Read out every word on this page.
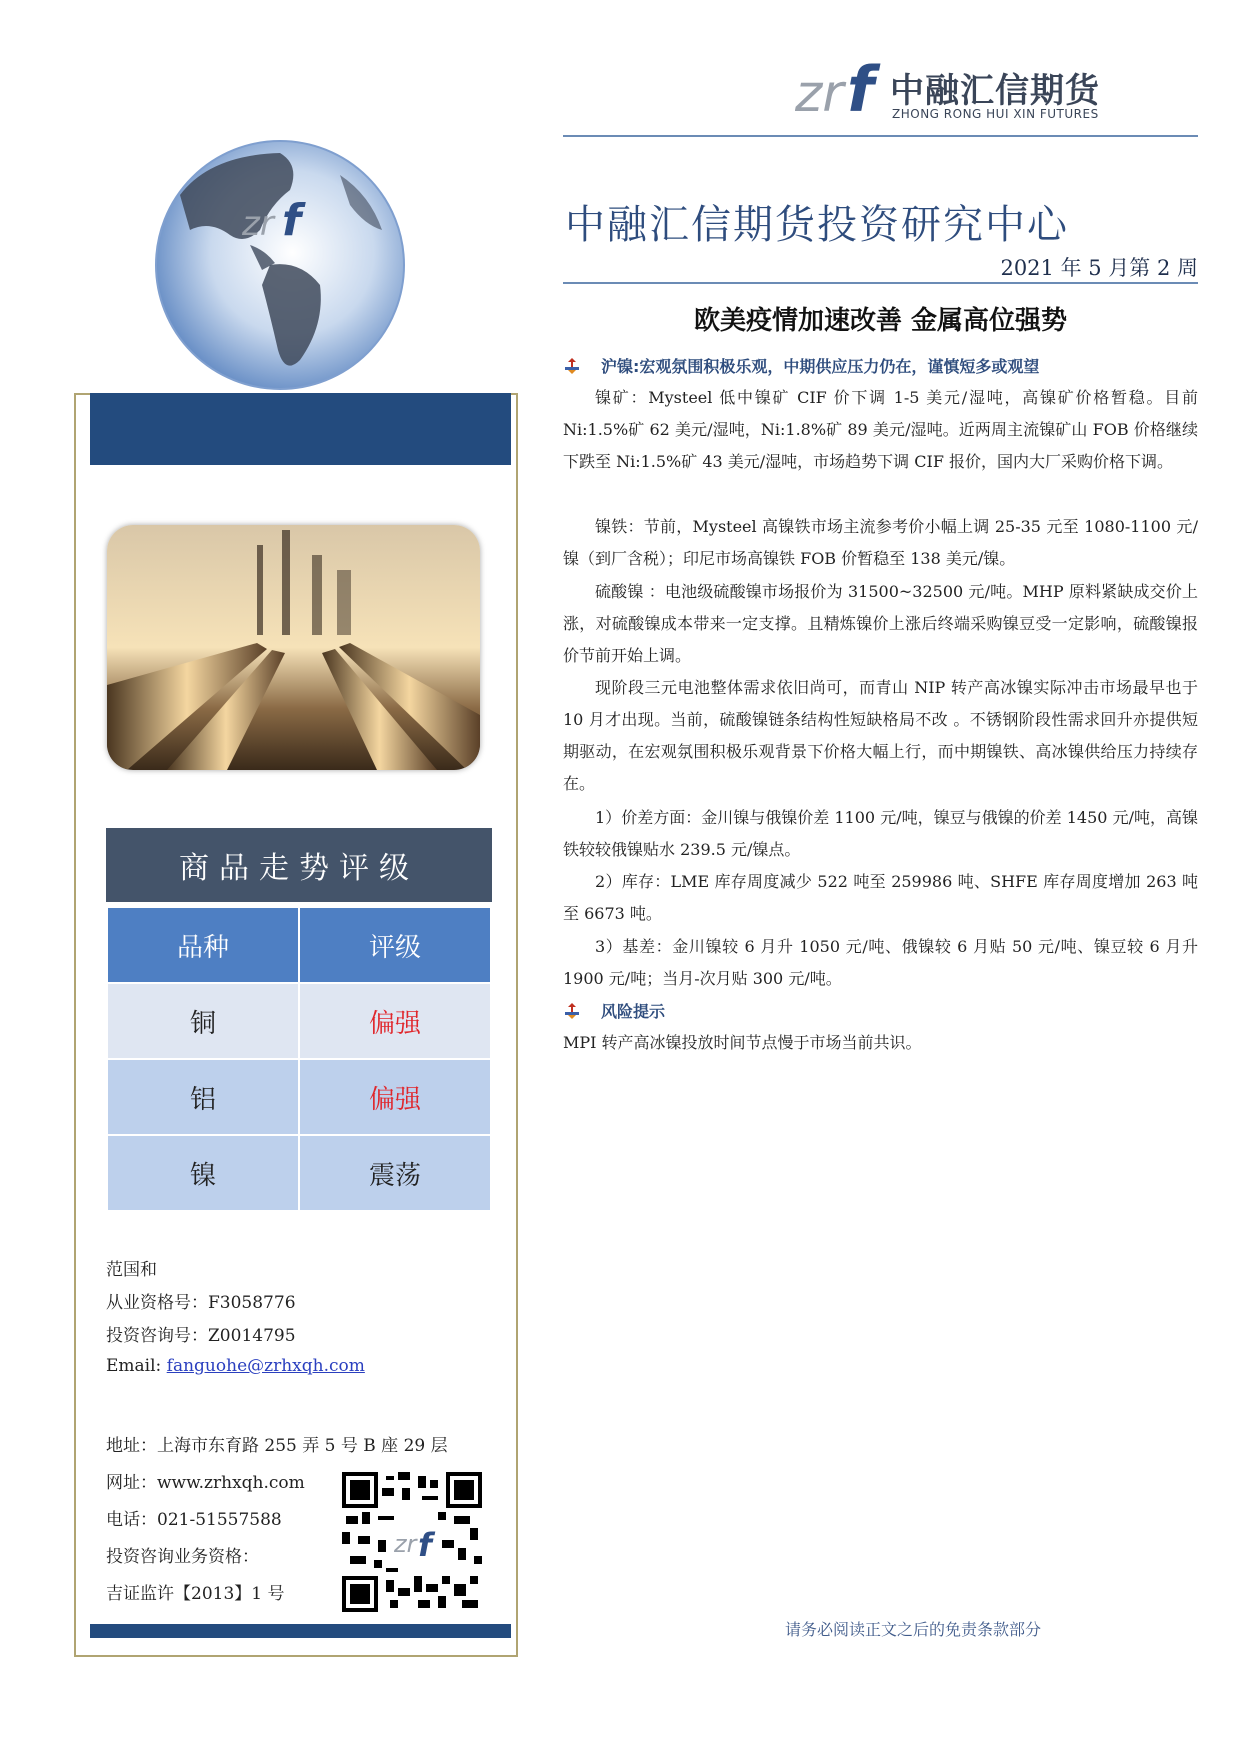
zr f 中融汇信期货
ZHONG RONG HUI XIN FUTURES
中融汇信期货投资研究中心
2021 年 5 月第 2 周
欧美疫情加速改善 金属高位强势
沪镍:宏观氛围积极乐观，中期供应压力仍在，谨慎短多或观望

镍矿：Mysteel 低中镍矿 CIF 价下调 1-5 美元/湿吨，高镍矿价格暂稳。目前 Ni:1.5%矿 62 美元/湿吨，Ni:1.8%矿 89 美元/湿吨。近两周主流镍矿山 FOB 价格继续下跌至 Ni:1.5%矿 43 美元/湿吨，市场趋势下调 CIF 报价，国内大厂采购价格下调。

镍铁：节前，Mysteel 高镍铁市场主流参考价小幅上调 25-35 元至 1080-1100 元/镍（到厂含税）；印尼市场高镍铁 FOB 价暂稳至 138 美元/镍。

硫酸镍 ：电池级硫酸镍市场报价为 31500~32500 元/吨。MHP 原料紧缺成交价上涨，对硫酸镍成本带来一定支撑。且精炼镍价上涨后终端采购镍豆受一定影响，硫酸镍报价节前开始上调。

现阶段三元电池整体需求依旧尚可，而青山 NIP 转产高冰镍实际冲击市场最早也于 10 月才出现。当前，硫酸镍链条结构性短缺格局不改 。不锈钢阶段性需求回升亦提供短期驱动，在宏观氛围积极乐观背景下价格大幅上行，而中期镍铁、高冰镍供给压力持续存在。

1）价差方面：金川镍与俄镍价差 1100 元/吨，镍豆与俄镍的价差 1450 元/吨，高镍铁较较俄镍贴水 239.5 元/镍点。

2）库存：LME 库存周度减少 522 吨至 259986 吨、SHFE 库存周度增加 263 吨至 6673 吨。

3）基差：金川镍较 6 月升 1050 元/吨、俄镍较 6 月贴 50 元/吨、镍豆较 6 月升 1900 元/吨；当月-次月贴 300 元/吨。

风险提示

MPI 转产高冰镍投放时间节点慢于市场当前共识。

zr f
商品走势评级
品种	评级
铜	偏强
铝	偏强
镍	震荡
范国和
从业资格号：F3058776
投资咨询号：Z0014795
Email: fanguohe@zrhxqh.com
地址：上海市东育路 255 弄 5 号 B 座 29 层
网址：www.zrhxqh.com
电话：021-51557588
投资咨询业务资格：
吉证监许【2013】1 号
zr f
请务必阅读正文之后的免责条款部分
